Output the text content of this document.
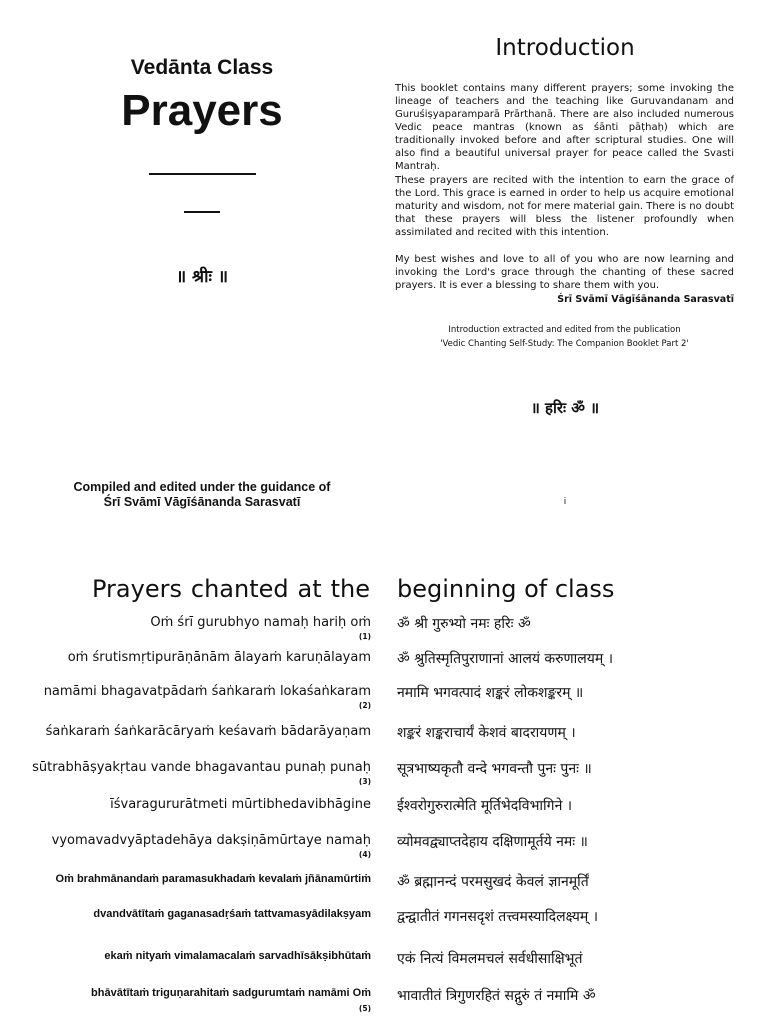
Vedānta Class
Prayers
॥ श्रीः ॥
Compiled and edited under the guidance of
Śrī Svāmī Vāgīśānanda Sarasvatī
Introduction

This booklet contains many different prayers; some invoking the lineage of teachers and the teaching like Guruvandanam and Guruśiṣyaparamparā Prārthanā. There are also included numerous Vedic peace mantras (known as śānti pāṭhaḥ) which are traditionally invoked before and after scriptural studies. One will also find a beautiful universal prayer for peace called the Svasti Mantraḥ.

These prayers are recited with the intention to earn the grace of the Lord. This grace is earned in order to help us acquire emotional maturity and wisdom, not for mere material gain. There is no doubt that these prayers will bless the listener profoundly when assimilated and recited with this intention.

My best wishes and love to all of you who are now learning and invoking the Lord's grace through the chanting of these sacred prayers. It is ever a blessing to share them with you.

Śrī Svāmī Vāgīśānanda Sarasvatī
Introduction extracted and edited from the publication
'Vedic Chanting Self-Study: The Companion Booklet Part 2'
॥ हरिः ॐ ॥
i
Prayers chanted at the beginning of class
Oṁ śrī gurubhyo namaḥ hariḥ oṁ
(1)
ॐ श्री गुरुभ्यो नमः हरिः ॐ
oṁ śrutismṛtipurāṇānām ālayaṁ karuṇālayam ॐ श्रुतिस्मृतिपुराणानां आलयं करुणालयम् ।
namāmi bhagavatpādaṁ śaṅkaraṁ lokaśaṅkaram
(2)
नमामि भगवत्पादं शङ्करं लोकशङ्करम् ॥
śaṅkaraṁ śaṅkarācāryaṁ keśavaṁ bādarāyaṇam शङ्करं शङ्कराचार्यं केशवं बादरायणम् ।
sūtrabhāṣyakṛtau vande bhagavantau punaḥ punaḥ
(3)
सूत्रभाष्यकृतौ वन्दे भगवन्तौ पुनः पुनः ॥
īśvaragururātmeti mūrtibhedavibhāgine ईश्वरोगुरुरात्मेति मूर्तिभेदविभागिने ।
vyomavadvyāptadehāya dakṣiṇāmūrtaye namaḥ
(4)
व्योमवद्व्याप्तदेहाय दक्षिणामूर्तये नमः ॥
Oṁ brahmānandaṁ paramasukhadaṁ kevalaṁ jñānamūrtiṁ ॐ ब्रह्मानन्दं परमसुखदं केवलं ज्ञानमूर्तिं
dvandvātītaṁ gaganasadṛśaṁ tattvamasyādilakṣyam द्वन्द्वातीतं गगनसदृशं तत्त्वमस्यादिलक्ष्यम् ।
ekaṁ nityaṁ vimalamacalaṁ sarvadhīsākṣibhūtaṁ एकं नित्यं विमलमचलं सर्वधीसाक्षिभूतं
bhāvātītaṁ triguṇarahitaṁ sadgurumtaṁ namāmi Oṁ
(5)
भावातीतं त्रिगुणरहितं सद्गुरुं तं नमामि ॐ
